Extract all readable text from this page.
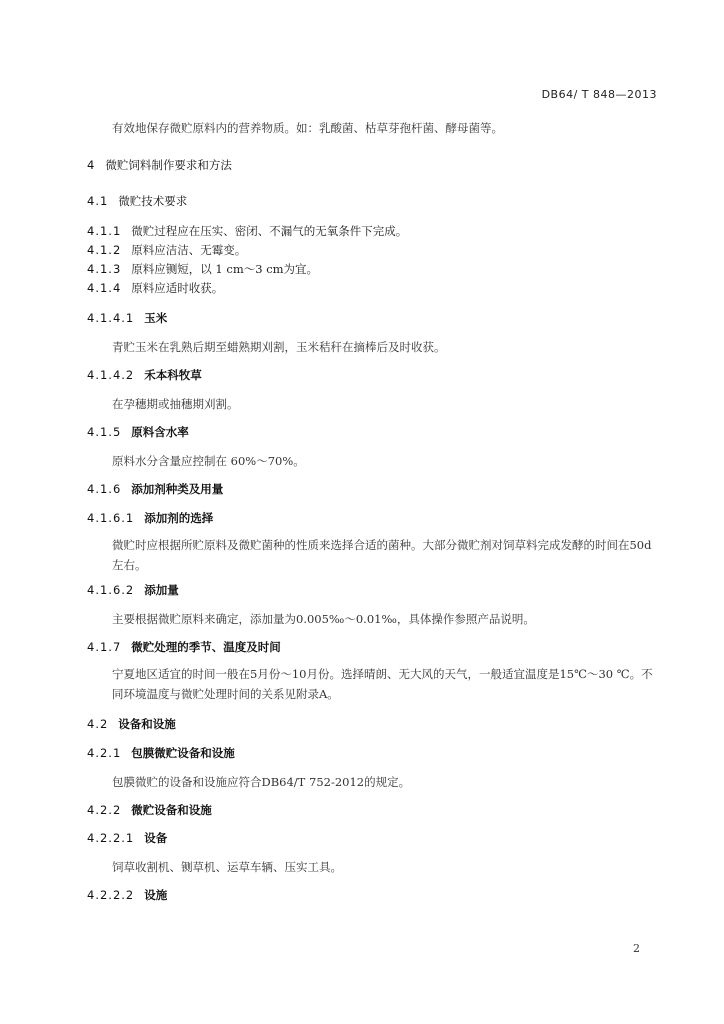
DB64/ T 848—2013
有效地保存微贮原料内的营养物质。如：乳酸菌、枯草芽孢杆菌、酵母菌等。
4 微贮饲料制作要求和方法
4.1 微贮技术要求
4.1.1 微贮过程应在压实、密闭、不漏气的无氧条件下完成。
4.1.2 原料应洁洁、无霉变。
4.1.3 原料应铡短，以 1 cm～3 cm为宜。
4.1.4 原料应适时收获。
4.1.4.1 玉米
青贮玉米在乳熟后期至蜡熟期刈割，玉米秸秆在摘棒后及时收获。
4.1.4.2 禾本科牧草
在孕穗期或抽穗期刈割。
4.1.5 原料含水率
原料水分含量应控制在 60%～70%。
4.1.6 添加剂种类及用量
4.1.6.1 添加剂的选择
微贮时应根据所贮原料及微贮菌种的性质来选择合适的菌种。大部分微贮剂对饲草料完成发酵的时间在50d左右。
4.1.6.2 添加量
主要根据微贮原料来确定，添加量为0.005‰～0.01‰，具体操作参照产品说明。
4.1.7 微贮处理的季节、温度及时间
宁夏地区适宜的时间一般在5月份～10月份。选择晴朗、无大风的天气，一般适宜温度是15℃～30 ℃。不同环境温度与微贮处理时间的关系见附录A。
4.2 设备和设施
4.2.1 包膜微贮设备和设施
包膜微贮的设备和设施应符合DB64/T 752-2012的规定。
4.2.2 微贮设备和设施
4.2.2.1 设备
饲草收割机、铡草机、运草车辆、压实工具。
4.2.2.2 设施
2
